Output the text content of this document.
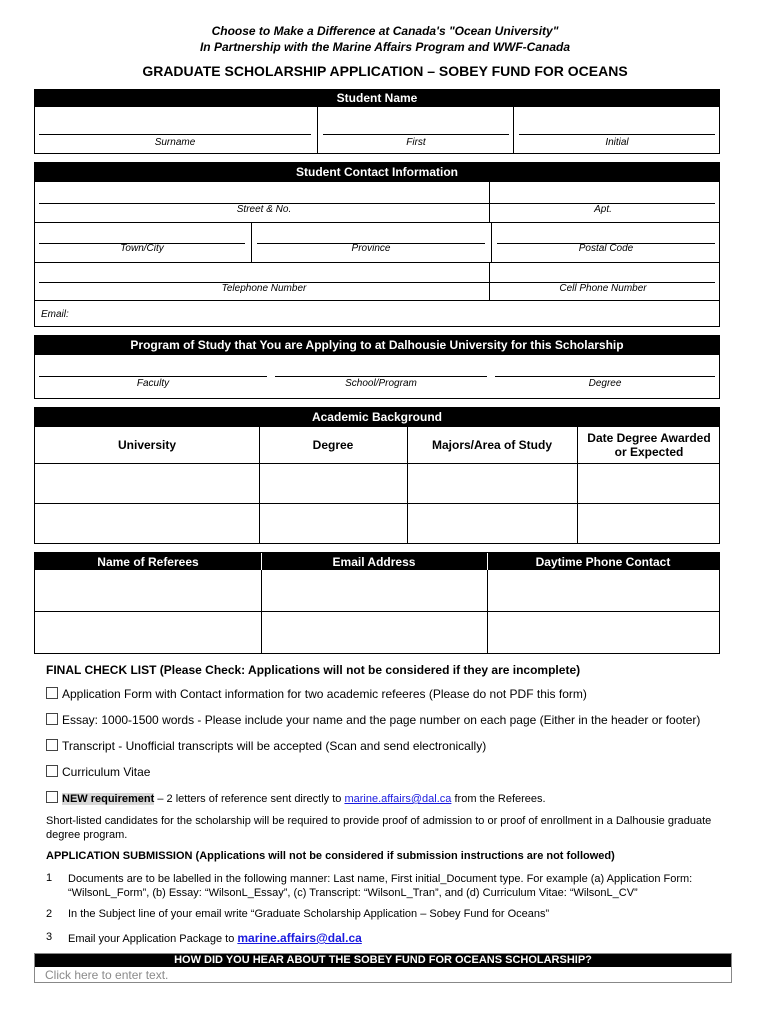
Choose to Make a Difference at Canada's "Ocean University"
In Partnership with the Marine Affairs Program and WWF-Canada
GRADUATE SCHOLARSHIP APPLICATION – SOBEY FUND FOR OCEANS
Student Name
Surname	First	Initial
Student Contact Information
Street & No.	Apt.
Town/City	Province	Postal Code
Telephone Number	Cell Phone Number
Email:
Program of Study that You are Applying to at Dalhousie University for this Scholarship
Faculty	School/Program	Degree
Academic Background
University	Degree	Majors/Area of Study	Date Degree Awarded or Expected
Name of Referees	Email Address	Daytime Phone Contact
FINAL CHECK LIST (Please Check: Applications will not be considered if they are incomplete)
Application Form with Contact information for two academic refeeres (Please do not PDF this form)
Essay: 1000-1500 words - Please include your name and the page number on each page (Either in the header or footer)
Transcript - Unofficial transcripts will be accepted (Scan and send electronically)
Curriculum Vitae
NEW requirement – 2 letters of reference sent directly to marine.affairs@dal.ca from the Referees.
Short-listed candidates for the scholarship will be required to provide proof of admission to or proof of enrollment in a Dalhousie graduate degree program.
APPLICATION SUBMISSION (Applications will not be considered if submission instructions are not followed)
1 Documents are to be labelled in the following manner: Last name, First initial_Document type. For example (a) Application Form: “WilsonL_Form”, (b) Essay: “WilsonL_Essay”, (c) Transcript: “WilsonL_Tran”, and (d) Curriculum Vitae: “WilsonL_CV”
2 In the Subject line of your email write “Graduate Scholarship Application – Sobey Fund for Oceans”
3 Email your Application Package to marine.affairs@dal.ca
HOW DID YOU HEAR ABOUT THE SOBEY FUND FOR OCEANS SCHOLARSHIP?
Click here to enter text.
